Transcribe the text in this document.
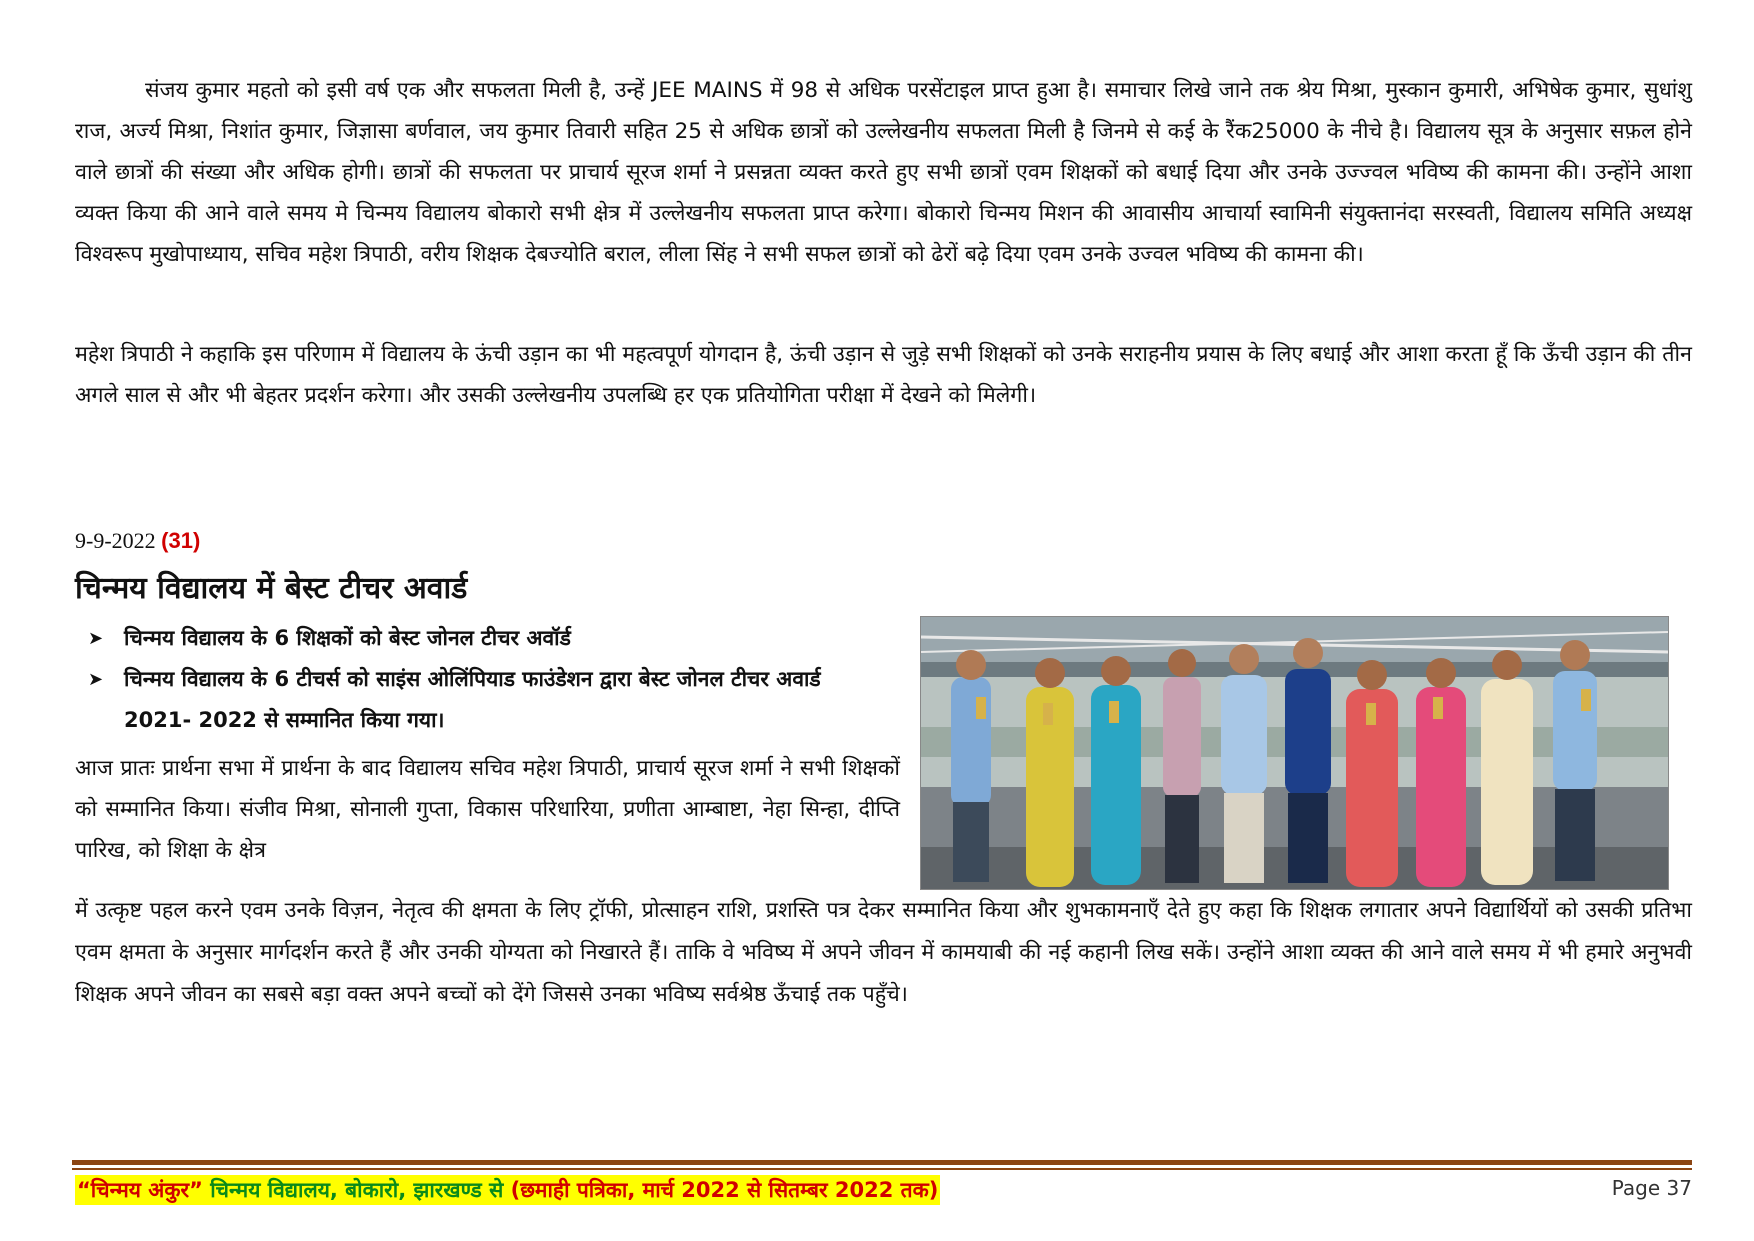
संजय कुमार महतो को इसी वर्ष एक और सफलता मिली है, उन्हें JEE MAINS में 98 से अधिक परसेंटाइल प्राप्त हुआ है। समाचार लिखे जाने तक श्रेय मिश्रा, मुस्कान कुमारी, अभिषेक कुमार, सुधांशु राज, अर्ज्य मिश्रा, निशांत कुमार, जिज्ञासा बर्णवाल, जय कुमार तिवारी सहित 25 से अधिक छात्रों को उल्लेखनीय सफलता मिली है जिनमे से कई के रैंक25000 के नीचे है। विद्यालय सूत्र के अनुसार सफ़ल होने वाले छात्रों की संख्या और अधिक होगी। छात्रों की सफलता पर प्राचार्य सूरज शर्मा ने प्रसन्नता व्यक्त करते हुए सभी छात्रों एवम शिक्षकों को बधाई दिया और उनके उज्ज्वल भविष्य की कामना की। उन्होंने आशा व्यक्त किया की आने वाले समय मे चिन्मय विद्यालय बोकारो सभी क्षेत्र में उल्लेखनीय सफलता प्राप्त करेगा। बोकारो चिन्मय मिशन की आवासीय आचार्या स्वामिनी संयुक्तानंदा सरस्वती, विद्यालय समिति अध्यक्ष विश्वरूप मुखोपाध्याय, सचिव महेश त्रिपाठी, वरीय शिक्षक देबज्योति बराल, लीला सिंह ने सभी सफल छात्रों को ढेरों बढ़े दिया एवम उनके उज्वल भविष्य की कामना की।

महेश त्रिपाठी ने कहाकि इस परिणाम में विद्यालय के ऊंची उड़ान का भी महत्वपूर्ण योगदान है, ऊंची उड़ान से जुड़े सभी शिक्षकों को उनके सराहनीय प्रयास के लिए बधाई और आशा करता हूँ कि ऊँची उड़ान की तीन अगले साल से और भी बेहतर प्रदर्शन करेगा। और उसकी उल्लेखनीय उपलब्धि हर एक प्रतियोगिता परीक्षा में देखने को मिलेगी।

9-9-2022 (31)

चिन्मय विद्यालय में बेस्ट टीचर अवार्ड
➤ चिन्मय विद्यालय के 6 शिक्षकों को बेस्ट जोनल टीचर अवॉर्ड
➤ चिन्मय विद्यालय के 6 टीचर्स को साइंस ओलिंपियाड फाउंडेशन द्वारा बेस्ट जोनल टीचर अवार्ड 2021- 2022 से सम्मानित किया गया।

आज प्रातः प्रार्थना सभा में प्रार्थना के बाद विद्यालय सचिव महेश त्रिपाठी, प्राचार्य सूरज शर्मा ने सभी शिक्षकों को सम्मानित किया। संजीव मिश्रा, सोनाली गुप्ता, विकास परिधारिया, प्रणीता आम्बाष्टा, नेहा सिन्हा, दीप्ति पारिख, को शिक्षा के क्षेत्र

में उत्कृष्ट पहल करने एवम उनके विज़न, नेतृत्व की क्षमता के लिए ट्रॉफी, प्रोत्साहन राशि, प्रशस्ति पत्र देकर सम्मानित किया और शुभकामनाएँ देते हुए कहा कि शिक्षक लगातार अपने विद्यार्थियों को उसकी प्रतिभा एवम क्षमता के अनुसार मार्गदर्शन करते हैं और उनकी योग्यता को निखारते हैं। ताकि वे भविष्य में अपने जीवन में कामयाबी की नई कहानी लिख सकें। उन्होंने आशा व्यक्त की आने वाले समय में भी हमारे अनुभवी शिक्षक अपने जीवन का सबसे बड़ा वक्त अपने बच्चों को देंगे जिससे उनका भविष्य सर्वश्रेष्ठ ऊँचाई तक पहुँचे।

“चिन्मय अंकुर” चिन्मय विद्यालय, बोकारो, झारखण्ड से (छमाही पत्रिका, मार्च 2022 से सितम्बर 2022 तक)	Page 37
